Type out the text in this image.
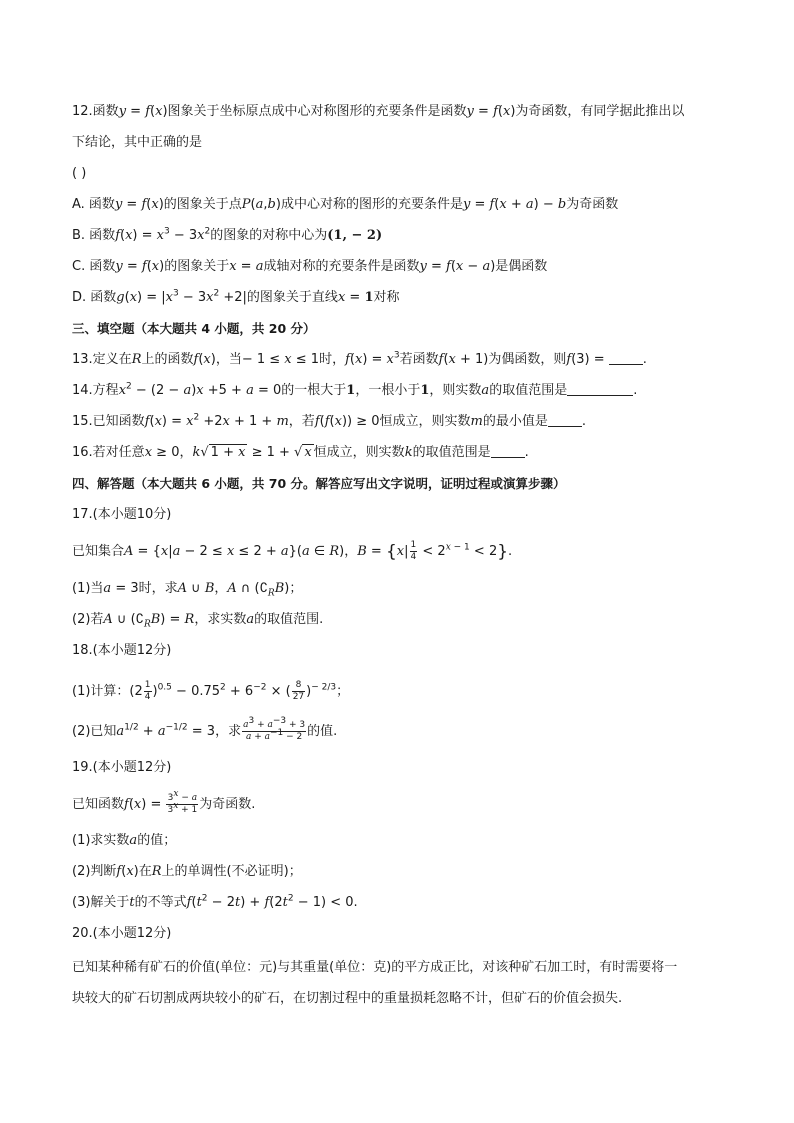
12.函数y = f(x)图象关于坐标原点成中心对称图形的充要条件是函数y = f(x)为奇函数，有同学据此推出以
下结论，其中正确的是
( )
A. 函数y = f(x)的图象关于点P(a,b)成中心对称的图形的充要条件是y = f(x + a) − b为奇函数
B. 函数$f(x) = x^3 - 3x^2$的图象的对称中心为(1, − 2)
C. 函数y = f(x)的图象关于x = a成轴对称的充要条件是函数y = f(x − a)是偶函数
D. 函数$g(x) = |x^3 - 3x^2 +2|$的图象关于直线x = 1对称
三、填空题（本大题共 4 小题，共 20 分）
13.定义在R上的函数f(x)，当− 1 ≤ x ≤ 1时，$f(x) = x^3$若函数f(x + 1)为偶函数，则f(3) =	.
14.方程$x^2 - (2 - a)x +5 + a = 0$的一根大于1，一根小于1，则实数a的取值范围是	.
15.已知函数$f(x) = x^2 +2x + 1 + m$，若f(f(x)) ≥ 0恒成立，则实数m的最小值是	.
16.若对任意x ≥ 0，k√ 1 + x ≥ 1 + √ x 恒成立，则实数k的取值范围是	.
四、解答题（本大题共 6 小题，共 70 分。解答应写出文字说明，证明过程或演算步骤）
17.(本小题10分)
已知集合A = {x|a − 2 ≤ x ≤ 2 + a}(a ∈ R)，$B = \{x| \frac{1}{4} < 2^{x - 1} < 2\}$.
(1)当a = 3时，求A ∪ B，A ∩ $(∁_RB)$；
(2)若A ∪ $(∁_RB) = R$，求实数a的取值范围.
18.(本小题12分)
(1)计算：$(2 \frac{1}{4} )^{0.5} - 0.75^2 + 6^{-2}$ × ( $\frac{8}{27} )^{- 2/3}$；
(2)已知$a^{1/2} + a^{-1/2} = 3$，求 $\frac{a^3 + a^{-3} + 3}{a + a^{-1} - 2}$ 的值.
19.(本小题12分)
已知函数$f(x) = \frac{3^x - a}{3^x + 1}$ 为奇函数.
(1)求实数a的值；
(2)判断f(x)在R上的单调性(不必证明)；
(3)解关于t的不等式$f(t^2 - 2t) + f(2t^2 - 1) < 0$.
20.(本小题12分)
已知某种稀有矿石的价值(单位：元)与其重量(单位：克)的平方成正比，对该种矿石加工时，有时需要将一
块较大的矿石切割成两块较小的矿石，在切割过程中的重量损耗忽略不计，但矿石的价值会损失.
